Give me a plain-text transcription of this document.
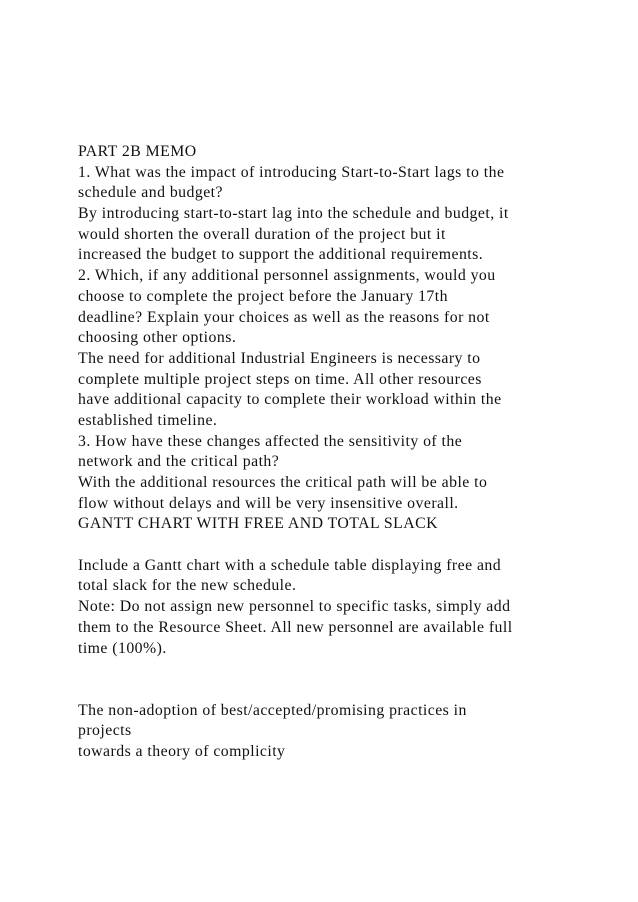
PART 2B MEMO
1. What was the impact of introducing Start-to-Start lags to the
schedule and budget?
By introducing start-to-start lag into the schedule and budget, it
would shorten the overall duration of the project but it
increased the budget to support the additional requirements.
2. Which, if any additional personnel assignments, would you
choose to complete the project before the January 17th
deadline? Explain your choices as well as the reasons for not
choosing other options.
The need for additional Industrial Engineers is necessary to
complete multiple project steps on time. All other resources
have additional capacity to complete their workload within the
established timeline.
3. How have these changes affected the sensitivity of the
network and the critical path?
With the additional resources the critical path will be able to
flow without delays and will be very insensitive overall.
GANTT CHART WITH FREE AND TOTAL SLACK
Include a Gantt chart with a schedule table displaying free and
total slack for the new schedule.
Note: Do not assign new personnel to specific tasks, simply add
them to the Resource Sheet. All new personnel are available full
time (100%).
The non-adoption of best/accepted/promising practices in
projects
towards a theory of complicity
